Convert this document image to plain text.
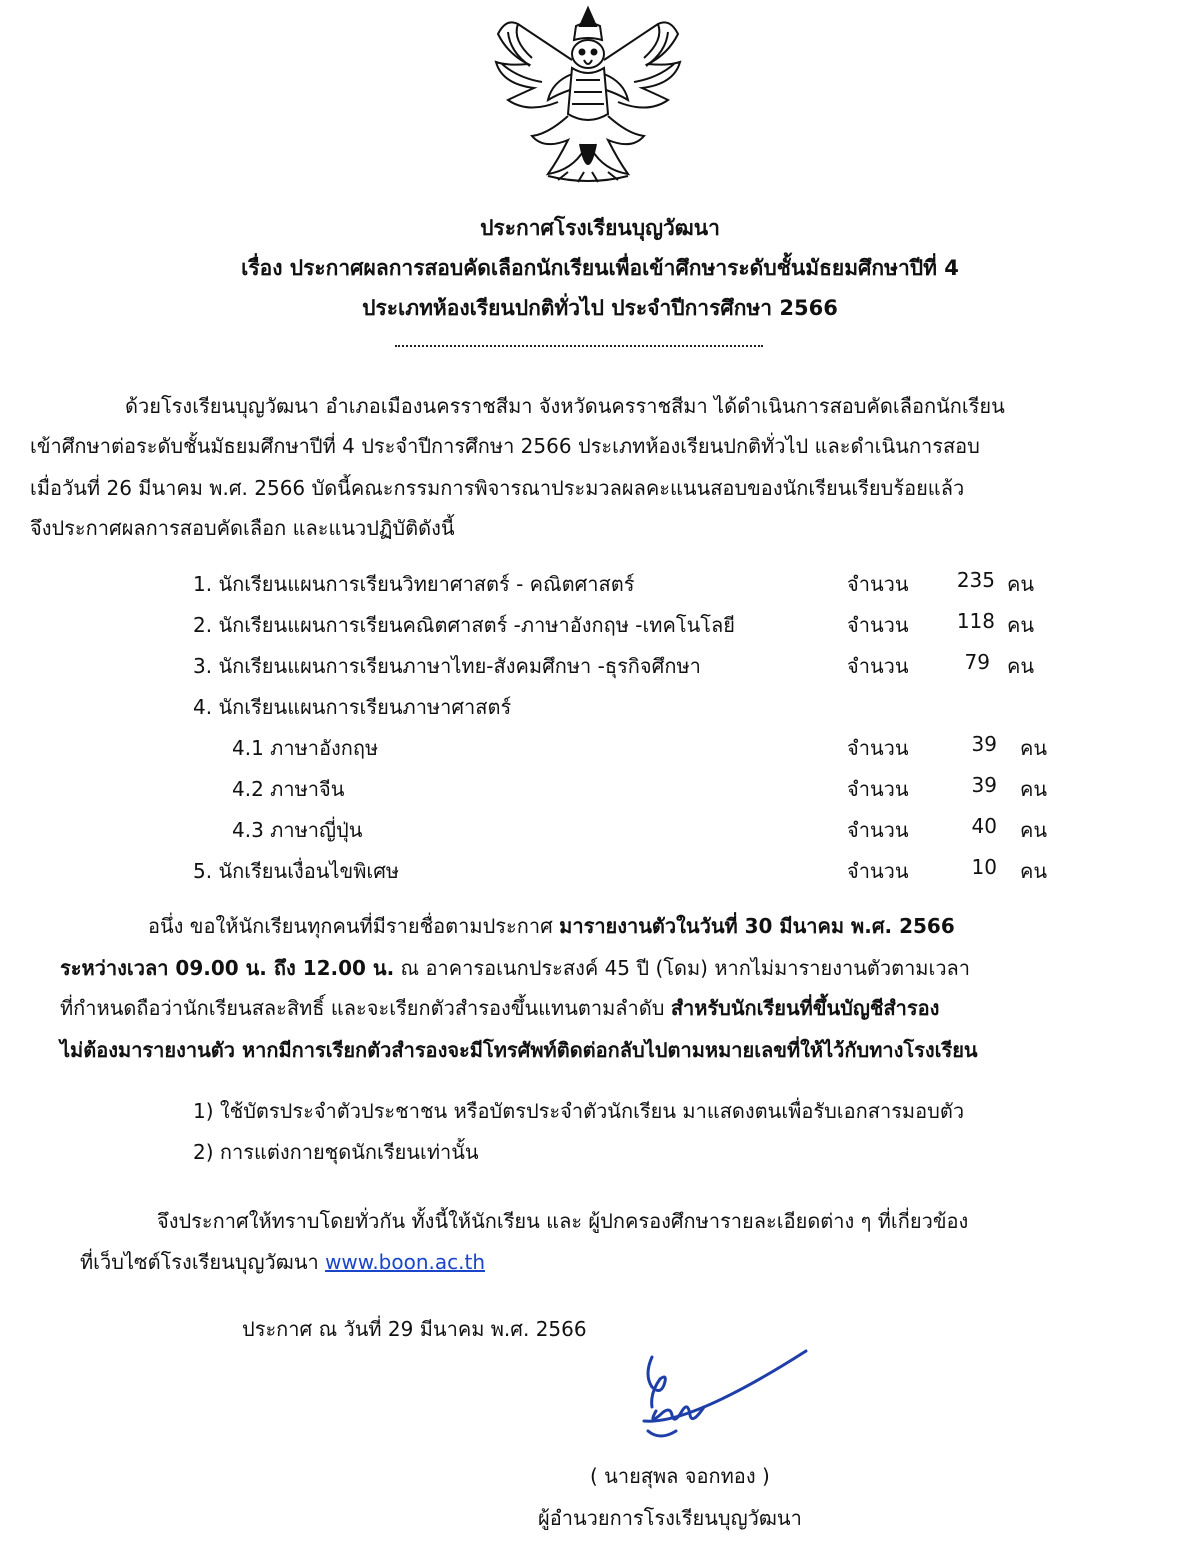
ประกาศโรงเรียนบุญวัฒนา
เรื่อง ประกาศผลการสอบคัดเลือกนักเรียนเพื่อเข้าศึกษาระดับชั้นมัธยมศึกษาปีที่ 4
ประเภทห้องเรียนปกติทั่วไป ประจำปีการศึกษา 2566
ด้วยโรงเรียนบุญวัฒนา อำเภอเมืองนครราชสีมา จังหวัดนครราชสีมา ได้ดำเนินการสอบคัดเลือกนักเรียน
เข้าศึกษาต่อระดับชั้นมัธยมศึกษาปีที่ 4 ประจำปีการศึกษา 2566 ประเภทห้องเรียนปกติทั่วไป และดำเนินการสอบ
เมื่อวันที่ 26 มีนาคม พ.ศ. 2566 บัดนี้คณะกรรมการพิจารณาประมวลผลคะแนนสอบของนักเรียนเรียบร้อยแล้ว
จึงประกาศผลการสอบคัดเลือก และแนวปฏิบัติดังนี้
1. นักเรียนแผนการเรียนวิทยาศาสตร์ - คณิตศาสตร์	จำนวน	235 คน
2. นักเรียนแผนการเรียนคณิตศาสตร์ -ภาษาอังกฤษ -เทคโนโลยี	จำนวน	118 คน
3. นักเรียนแผนการเรียนภาษาไทย-สังคมศึกษา -ธุรกิจศึกษา	จำนวน	79 คน
4. นักเรียนแผนการเรียนภาษาศาสตร์
4.1 ภาษาอังกฤษ	จำนวน	39 คน
4.2 ภาษาจีน	จำนวน	39 คน
4.3 ภาษาญี่ปุ่น	จำนวน	40 คน
5. นักเรียนเงื่อนไขพิเศษ	จำนวน	10 คน
อนึ่ง ขอให้นักเรียนทุกคนที่มีรายชื่อตามประกาศ มารายงานตัวในวันที่ 30 มีนาคม พ.ศ. 2566
ระหว่างเวลา 09.00 น. ถึง 12.00 น. ณ อาคารอเนกประสงค์ 45 ปี (โดม) หากไม่มารายงานตัวตามเวลา
ที่กำหนดถือว่านักเรียนสละสิทธิ์ และจะเรียกตัวสำรองขึ้นแทนตามลำดับ สำหรับนักเรียนที่ขึ้นบัญชีสำรอง
ไม่ต้องมารายงานตัว หากมีการเรียกตัวสำรองจะมีโทรศัพท์ติดต่อกลับไปตามหมายเลขที่ให้ไว้กับทางโรงเรียน
1) ใช้บัตรประจำตัวประชาชน หรือบัตรประจำตัวนักเรียน มาแสดงตนเพื่อรับเอกสารมอบตัว
2) การแต่งกายชุดนักเรียนเท่านั้น
จึงประกาศให้ทราบโดยทั่วกัน ทั้งนี้ให้นักเรียน และ ผู้ปกครองศึกษารายละเอียดต่าง ๆ ที่เกี่ยวข้อง
ที่เว็บไซต์โรงเรียนบุญวัฒนา www.boon.ac.th
ประกาศ ณ วันที่ 29 มีนาคม พ.ศ. 2566
( นายสุพล จอกทอง )
ผู้อำนวยการโรงเรียนบุญวัฒนา
